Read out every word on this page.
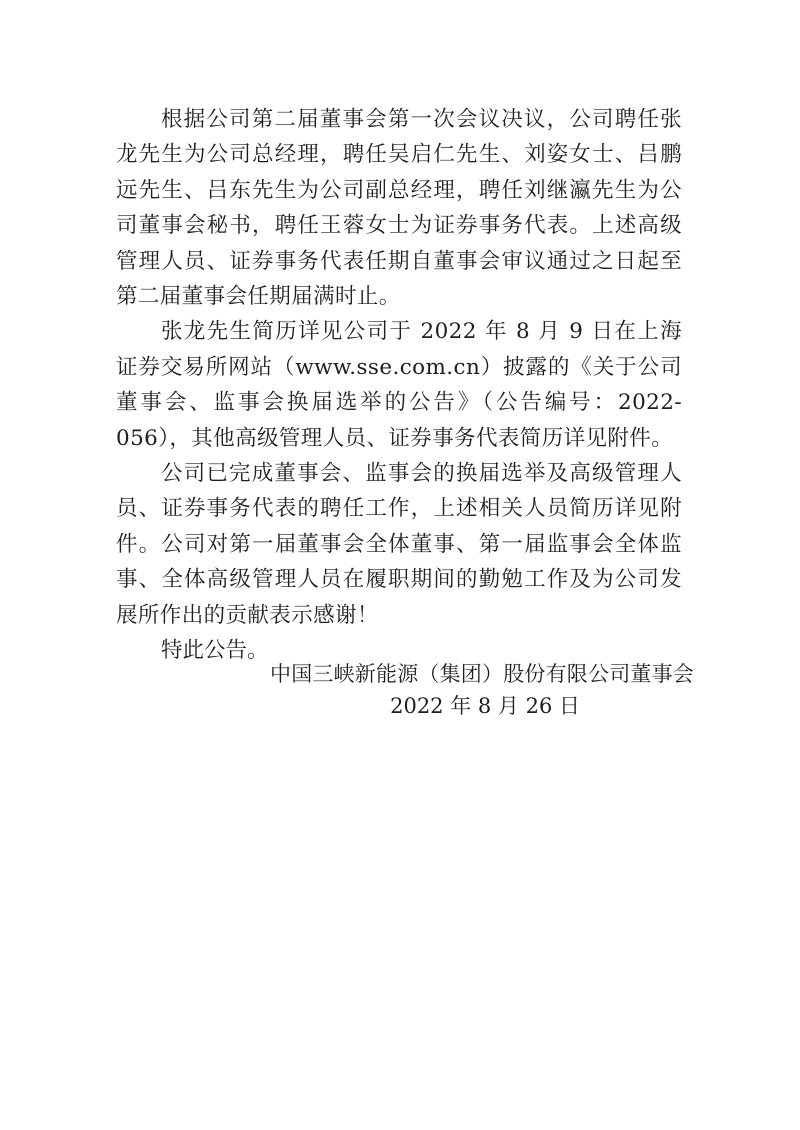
根据公司第二届董事会第一次会议决议，公司聘任张龙先生为公司总经理，聘任吴启仁先生、刘姿女士、吕鹏远先生、吕东先生为公司副总经理，聘任刘继瀛先生为公司董事会秘书，聘任王蓉女士为证券事务代表。上述高级管理人员、证券事务代表任期自董事会审议通过之日起至第二届董事会任期届满时止。

张龙先生简历详见公司于 2022 年 8 月 9 日在上海证券交易所网站（www.sse.com.cn）披露的《关于公司董事会、监事会换届选举的公告》（公告编号：2022-056），其他高级管理人员、证券事务代表简历详见附件。

公司已完成董事会、监事会的换届选举及高级管理人员、证券事务代表的聘任工作，上述相关人员简历详见附件。公司对第一届董事会全体董事、第一届监事会全体监事、全体高级管理人员在履职期间的勤勉工作及为公司发展所作出的贡献表示感谢！

特此公告。

中国三峡新能源（集团）股份有限公司董事会
2022 年 8 月 26 日
